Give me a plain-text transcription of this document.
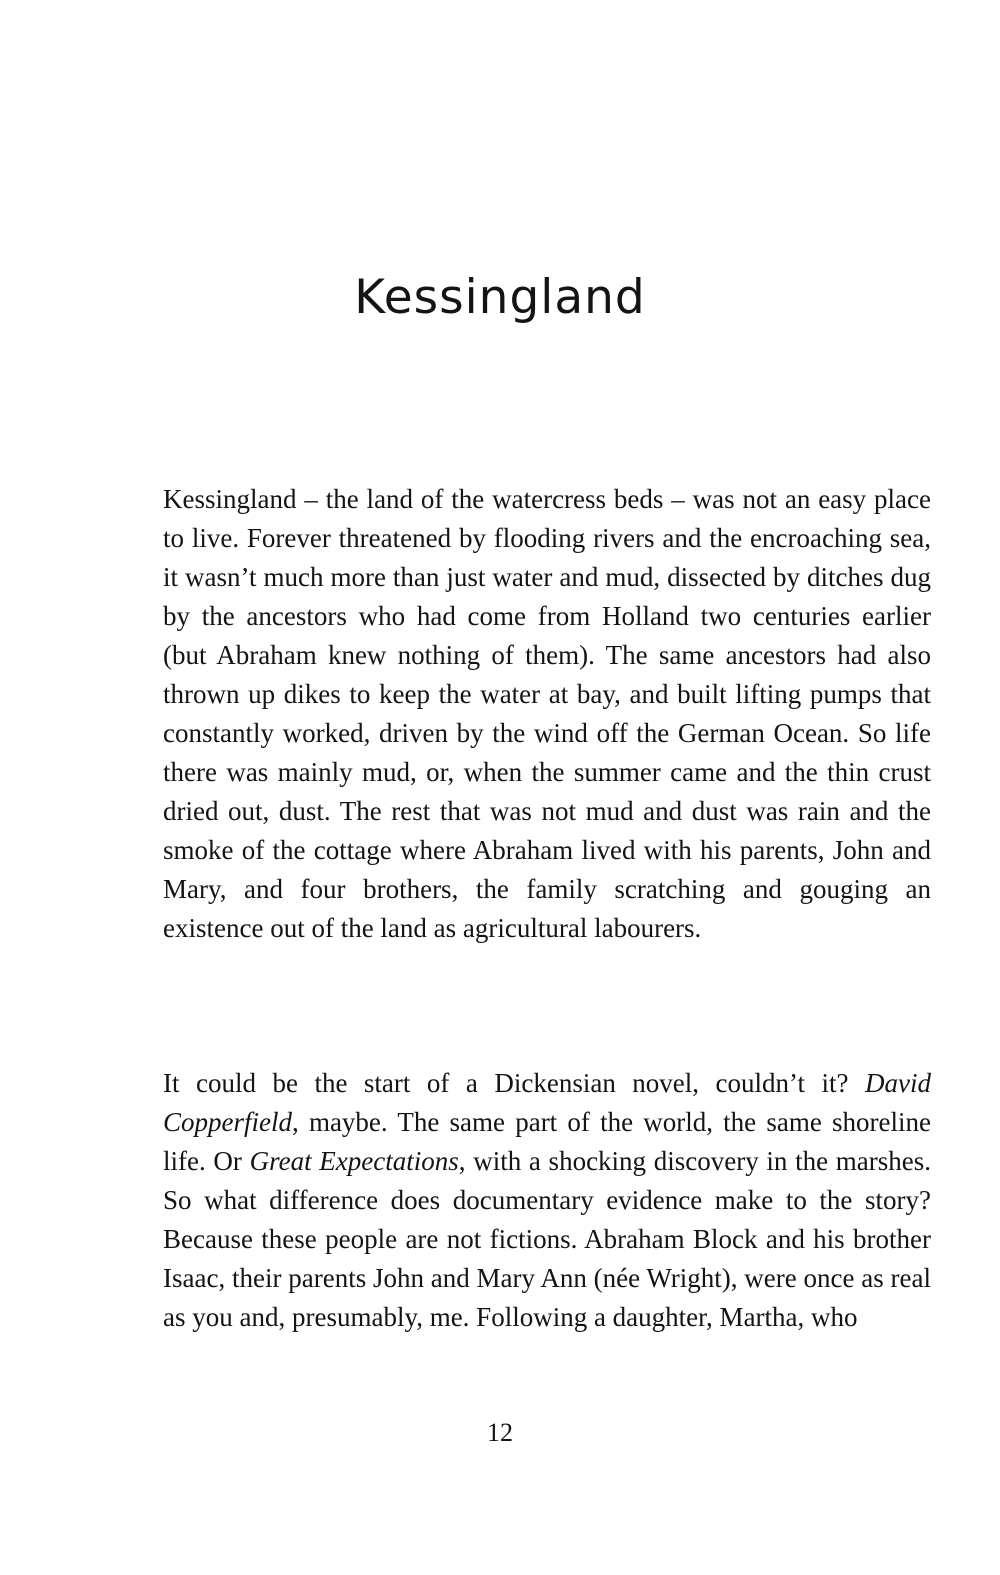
Kessingland

Kessingland – the land of the watercress beds – was not an easy place to live. Forever threatened by flooding rivers and the encroaching sea, it wasn’t much more than just water and mud, dissected by ditches dug by the ancestors who had come from Holland two centuries earlier (but Abraham knew nothing of them). The same ancestors had also thrown up dikes to keep the water at bay, and built lifting pumps that constantly worked, driven by the wind off the German Ocean. So life there was mainly mud, or, when the summer came and the thin crust dried out, dust. The rest that was not mud and dust was rain and the smoke of the cottage where Abraham lived with his parents, John and Mary, and four brothers, the family scratching and gouging an existence out of the land as agricultural labourers.

It could be the start of a Dickensian novel, couldn’t it? David Copperfield, maybe. The same part of the world, the same shoreline life. Or Great Expectations, with a shocking discovery in the marshes. So what difference does documentary evidence make to the story? Because these people are not fictions. Abraham Block and his brother Isaac, their parents John and Mary Ann (née Wright), were once as real as you and, presumably, me. Following a daughter, Martha, who

12
